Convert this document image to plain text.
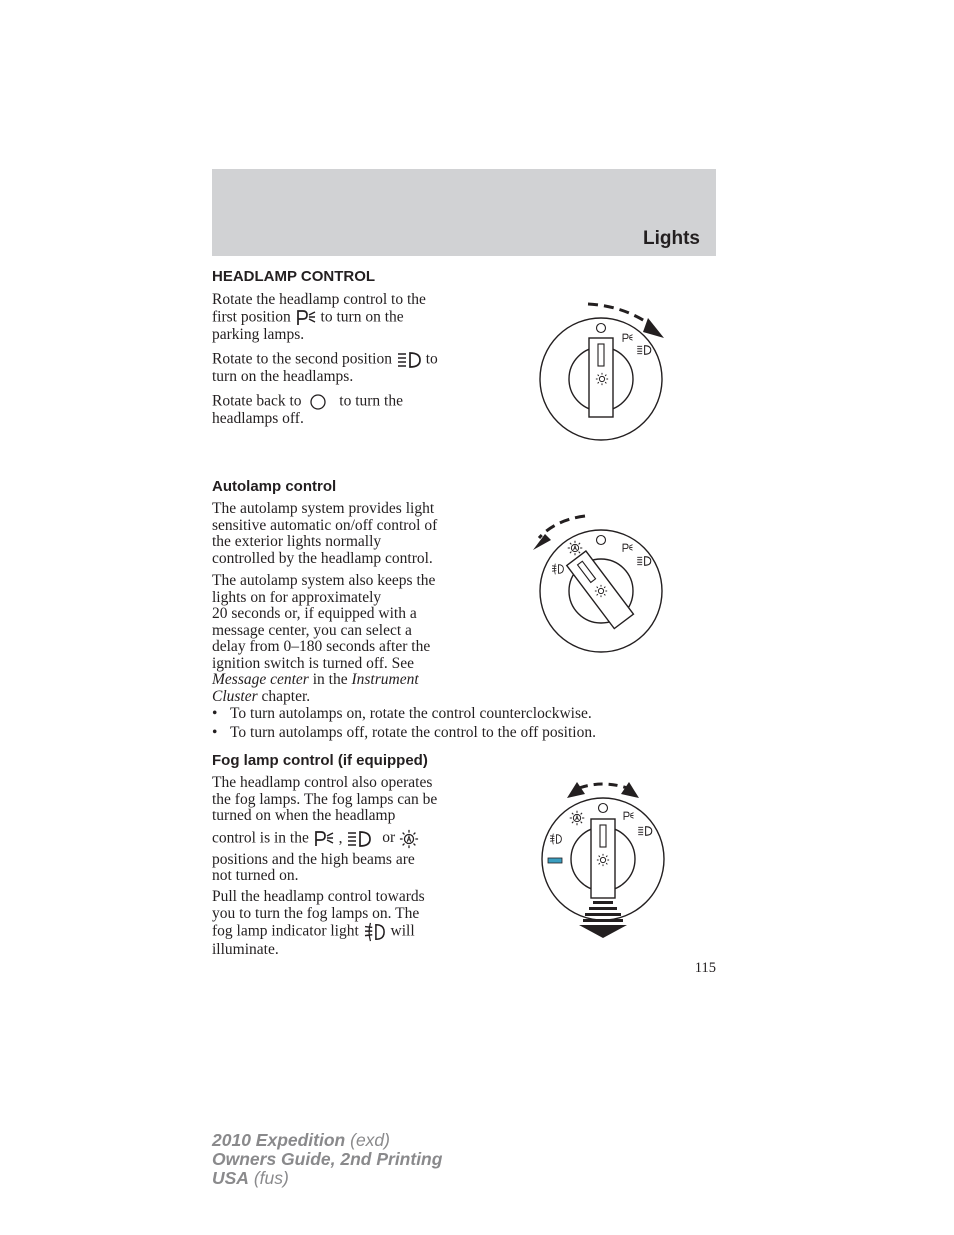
Lights
HEADLAMP CONTROL
Rotate the headlamp control to the
first position to turn on the
parking lamps.
Rotate to the second position to
turn on the headlamps.
Rotate back to to turn the
headlamps off.
Autolamp control
The autolamp system provides light
sensitive automatic on/off control of
the exterior lights normally
controlled by the headlamp control.
The autolamp system also keeps the
lights on for approximately
20 seconds or, if equipped with a
message center, you can select a
delay from 0–180 seconds after the
ignition switch is turned off. See
Message center in the Instrument
Cluster chapter.
• To turn autolamps on, rotate the control counterclockwise.
• To turn autolamps off, rotate the control to the off position.
Fog lamp control (if equipped)
The headlamp control also operates
the fog lamps. The fog lamps can be
turned on when the headlamp
control is in the ,	or
positions and the high beams are
not turned on.
Pull the headlamp control towards
you to turn the fog lamps on. The
fog lamp indicator light will
illuminate.
115
2010 Expedition (exd)
Owners Guide, 2nd Printing
USA (fus)
